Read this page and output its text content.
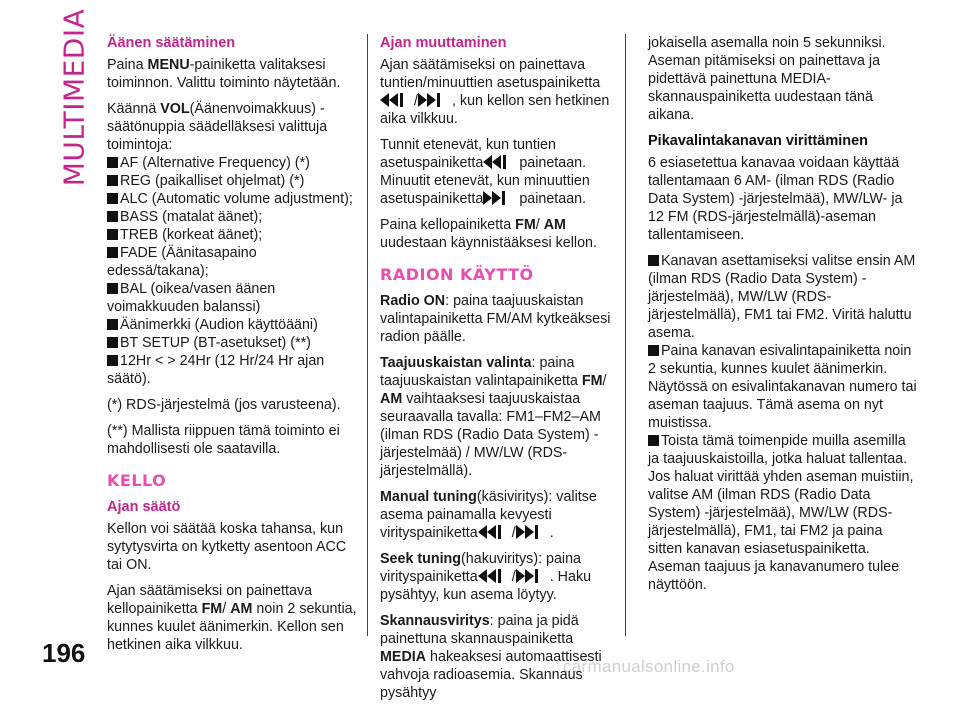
MULTIMEDIA
196	carmanualsonline.info
Äänen säätäminen

Paina MENU-painiketta valitaksesi toiminnon. Valittu toiminto näytetään.

Käännä VOL(Äänenvoimakkuus) -säätönuppia säädelläksesi valittuja toimintoja:

AF (Alternative Frequency) (*)
REG (paikalliset ohjelmat) (*)
ALC (Automatic volume adjustment);
BASS (matalat äänet);
TREB (korkeat äänet);
FADE (Äänitasapaino edessä/takana);
BAL (oikea/vasen äänen voimakkuuden balanssi)
Äänimerkki (Audion käyttöääni)
BT SETUP (BT-asetukset) (**)
12Hr < > 24Hr (12 Hr/24 Hr ajan säätö).

(*) RDS-järjestelmä (jos varusteena).

(**) Mallista riippuen tämä toiminto ei mahdollisesti ole saatavilla.

KELLO
Ajan säätö

Kellon voi säätää koska tahansa, kun sytytysvirta on kytketty asentoon ACC tai ON.

Ajan säätämiseksi on painettava kellopainiketta FM/ AM noin 2 sekuntia, kunnes kuulet äänimerkin. Kellon sen hetkinen aika vilkkuu.

Ajan muuttaminen

Ajan säätämiseksi on painettava tuntien/minuuttien asetuspainiketta
/ , kun kellon sen hetkinen aika vilkkuu.

Tunnit etenevät, kun tuntien asetuspainiketta	painetaan.
Minuutit etenevät, kun minuuttien asetuspainiketta	painetaan.

Paina kellopainiketta FM/ AM uudestaan käynnistääksesi kellon.

RADION KÄYTTÖ

Radio ON: paina taajuuskaistan valintapainiketta FM/AM kytkeäksesi radion päälle.

Taajuuskaistan valinta: paina taajuuskaistan valintapainiketta FM/ AM vaihtaaksesi taajuuskaistaa seuraavalla tavalla: FM1–FM2–AM (ilman RDS (Radio Data System) -järjestelmää) / MW/LW (RDS-järjestelmällä).

Manual tuning(käsiviritys): valitse asema painamalla kevyesti virityspainiketta / .

Seek tuning(hakuviritys): paina virityspainiketta / . Haku pysähtyy, kun asema löytyy.

Skannausviritys: paina ja pidä painettuna skannauspainiketta MEDIA hakeaksesi automaattisesti vahvoja radioasemia. Skannaus pysähtyy

jokaisella asemalla noin 5 sekunniksi. Aseman pitämiseksi on painettava ja pidettävä painettuna MEDIA-skannauspainiketta uudestaan tänä aikana.

Pikavalintakanavan virittäminen

6 esiasetettua kanavaa voidaan käyttää tallentamaan 6 AM- (ilman RDS (Radio Data System) -järjestelmää), MW/LW- ja 12 FM (RDS-järjestelmällä)-aseman tallentamiseen.

Kanavan asettamiseksi valitse ensin AM (ilman RDS (Radio Data System) -järjestelmää), MW/LW (RDS-järjestelmällä), FM1 tai FM2. Viritä haluttu asema.

Paina kanavan esivalintapainiketta noin 2 sekuntia, kunnes kuulet äänimerkin. Näytössä on esivalintakanavan numero tai aseman taajuus. Tämä asema on nyt muistissa.

Toista tämä toimenpide muilla asemilla ja taajuuskaistoilla, jotka haluat tallentaa. Jos haluat virittää yhden aseman muistiin, valitse AM (ilman RDS (Radio Data System) -järjestelmää), MW/LW (RDS-järjestelmällä), FM1, tai FM2 ja paina sitten kanavan esiasetuspainiketta. Aseman taajuus ja kanavanumero tulee näyttöön.
